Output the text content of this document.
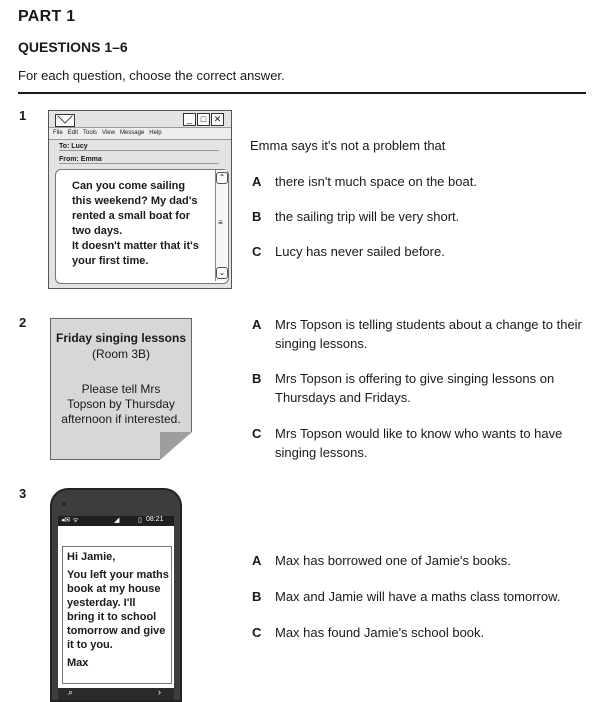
PART 1
QUESTIONS 1–6
For each question, choose the correct answer.
1	_ □ ✕
File Edit Tools View Message Help
To: Lucy
From: Emma
Can you come sailing
this weekend? My dad's
rented a small boat for
two days.
It doesn't matter that it's
your first time.
⌃
≡
⌄
Emma says it's not a problem that
A there isn't much space on the boat.
B the sailing trip will be very short.
C Lucy has never sailed before.
2
Friday singing lessons
(Room 3B)
Please tell Mrs
Topson by Thursday
afternoon if interested.
A Mrs Topson is telling students about a change to their
singing lessons.
B Mrs Topson is offering to give singing lessons on
Thursdays and Fridays.
C Mrs Topson would like to know who wants to have
singing lessons.
3
◂✉ ᯤ	◢	▯ 08:21
Hi Jamie,
You left your maths
book at my house
yesterday. I'll
bring it to school
tomorrow and give
it to you.
Max
⌕	›
A Max has borrowed one of Jamie's books.
B Max and Jamie will have a maths class tomorrow.
C Max has found Jamie's school book.
